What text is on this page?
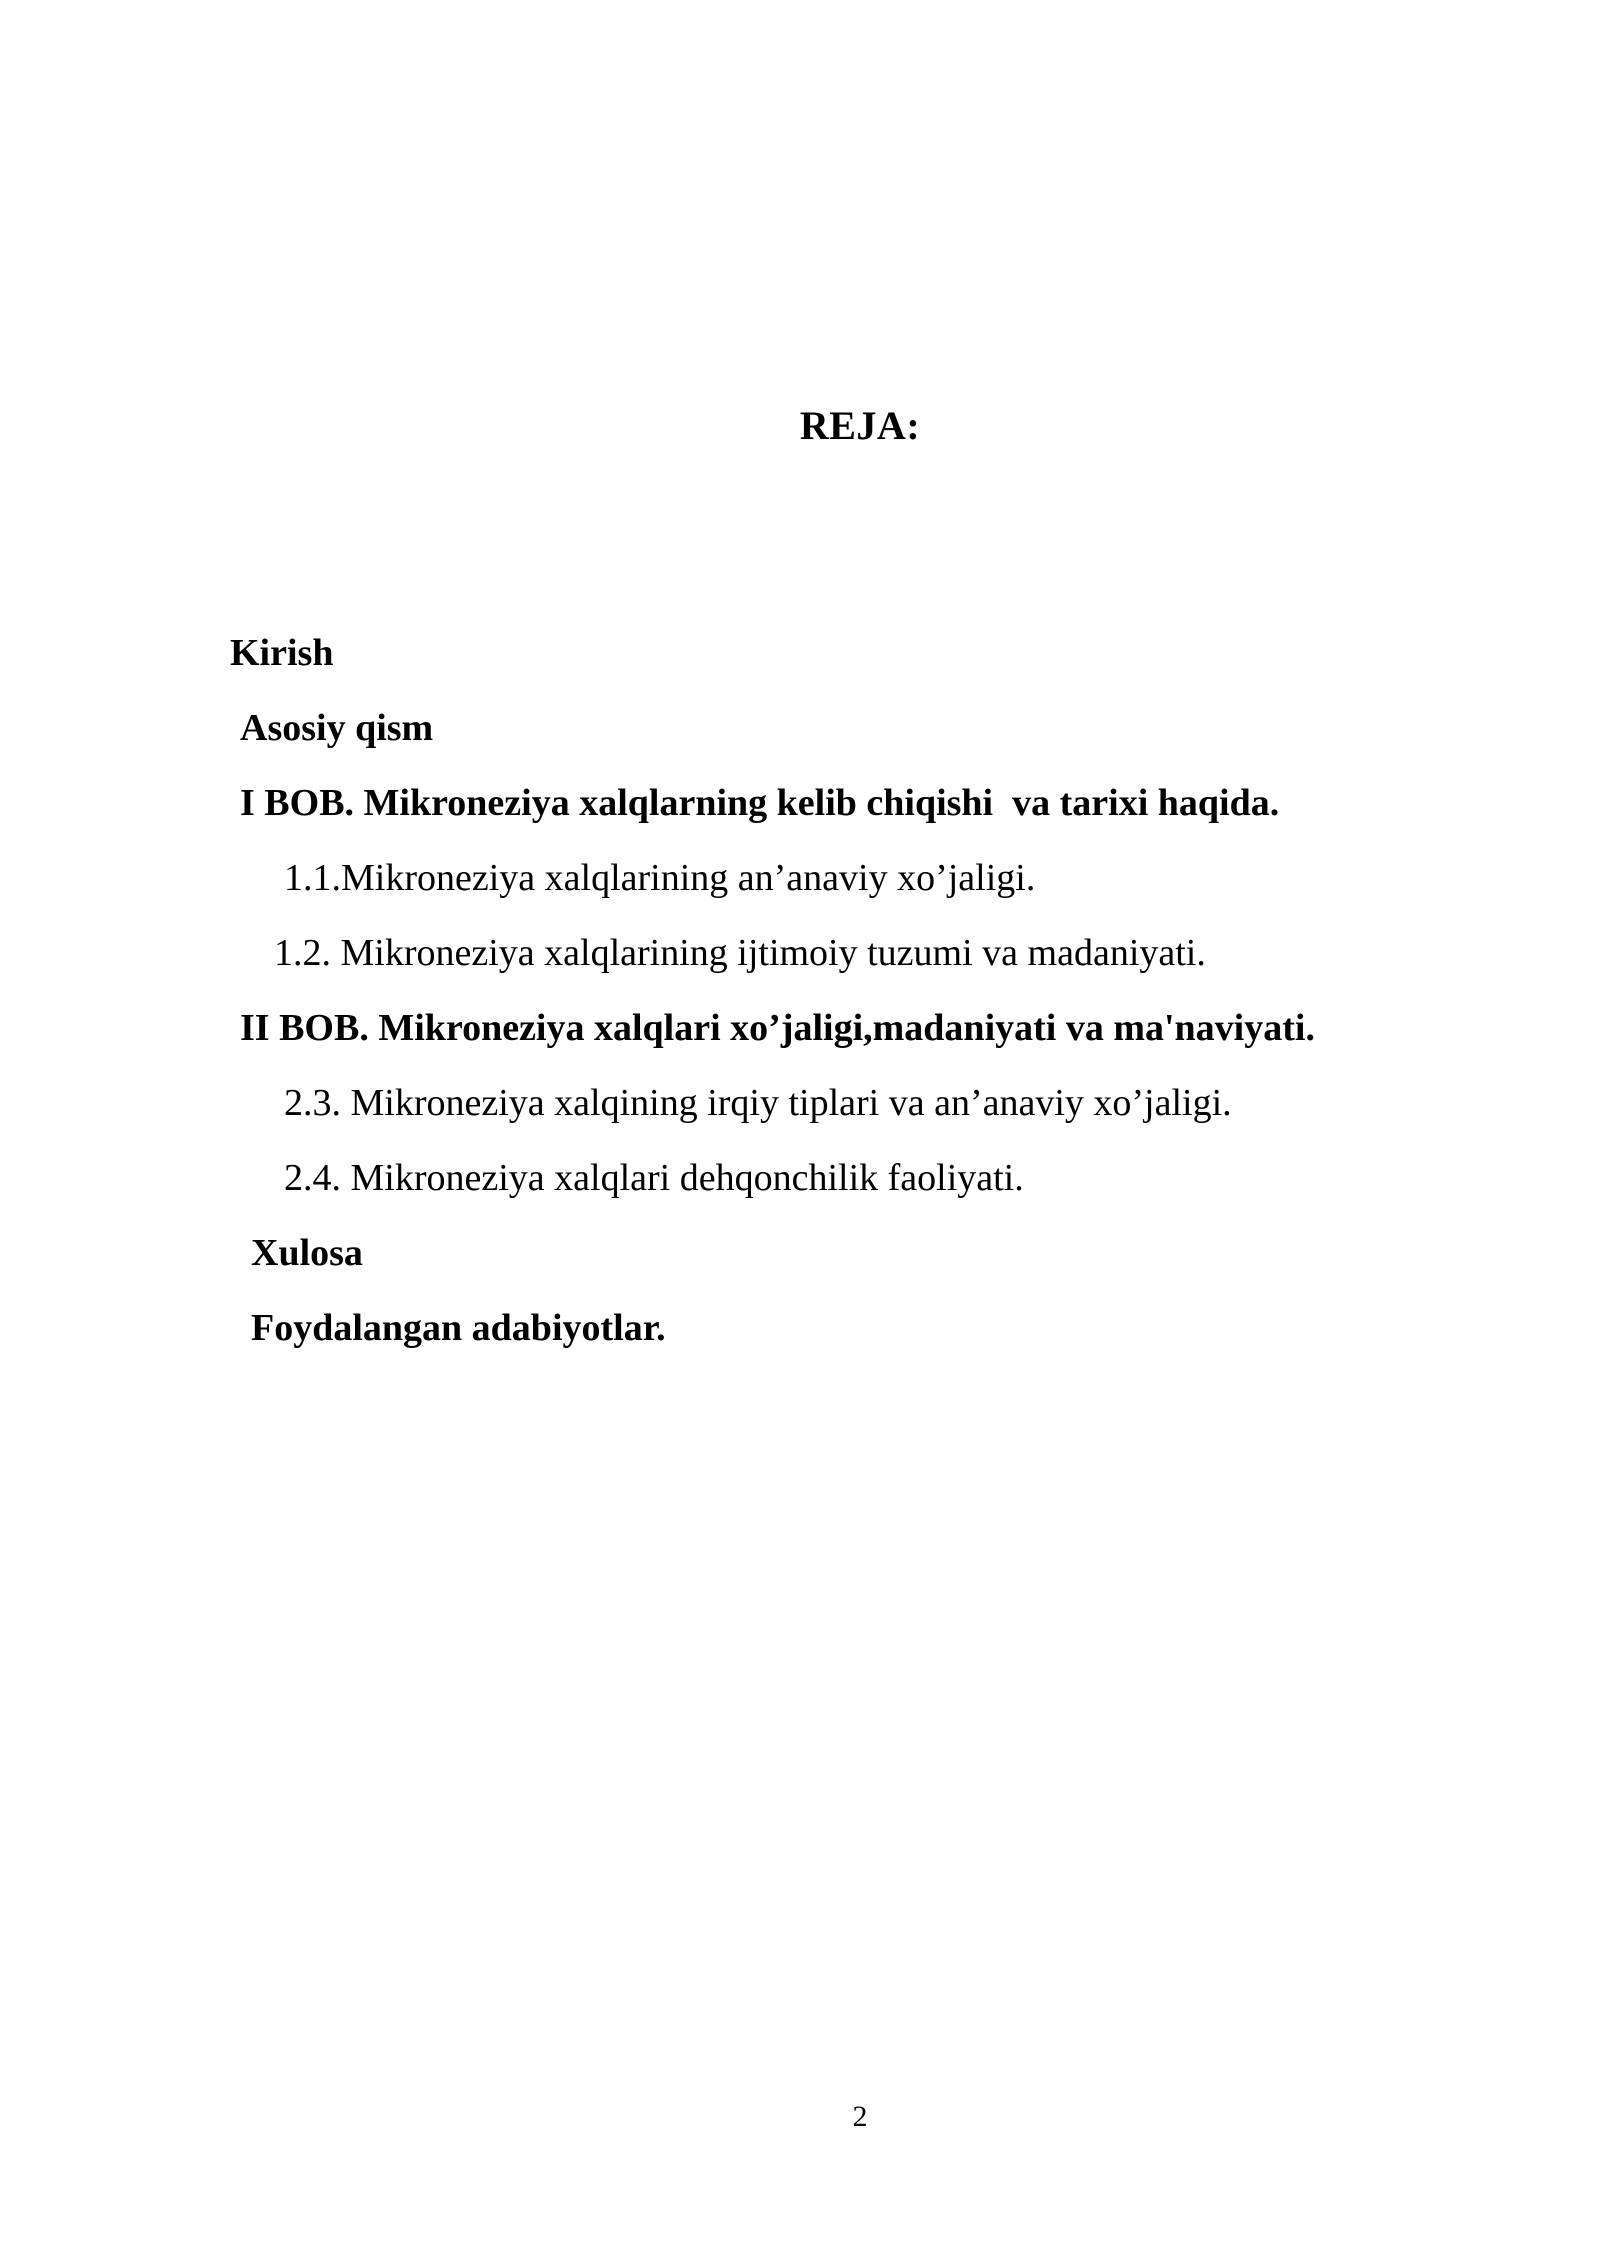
REJA:
Kirish
Asosiy qism
I BOB. Mikroneziya xalqlarning kelib chiqishi  va tarixi haqida.
1.1.Mikroneziya xalqlarining an’anaviy xo’jaligi.
1.2. Mikroneziya xalqlarining ijtimoiy tuzumi va madaniyati.
II BOB. Mikroneziya xalqlari xo’jaligi,madaniyati va ma'naviyati.
2.3. Mikroneziya xalqining irqiy tiplari va an’anaviy xo’jaligi.
2.4. Mikroneziya xalqlari dehqonchilik faoliyati.
Xulosa
Foydalangan adabiyotlar.
2
